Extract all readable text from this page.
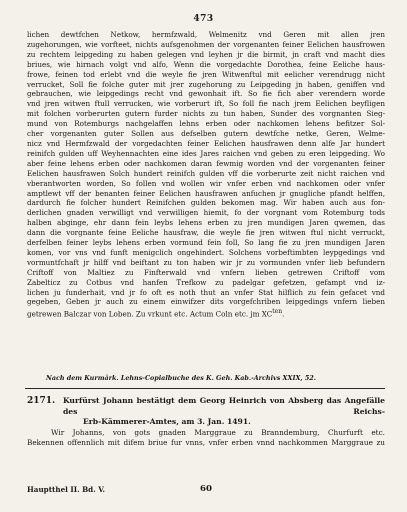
473
lichen dewtfchen Netkow, hermfzwald, Welmenitz vnd Geren mit allen jren
zugehorungen, wie vorfteet, nichts aufsgenohmen der vorgenanten feiner Eelichen hausfrowen
zu rechtem leipgeding zu haben gelegen vnd leyhen jr die birmit, jn craft vnd macht dies
briues, wie hirnach volgt vnd alfo, Wenn die vorgedachte Dorothea, feine Eeliche haus-
frowe, feinen tod erlebt vnd die weyle fie jren Witwenftul mit eelicher verendrugg nicht
verrucket, Soll fie folche guter mit jrer zugehorung zu Leipgeding jn haben, geniffen vnd
gebrauchen, wie leipgedings recht vnd gewonhait ift. So fie fich aber verendern worde
vnd jren witwen ftull verrucken, wie vorberurt ift, So foll fie nach jrem Eelichen beyfligen
mit folchen vorberurten gutern furder nichts zu tun haben, Sunder des vorgnanten Sieg-
mund von Rotemburgs nachgelaffen lehns erben oder nachkomen lehens befitzer Sol-
cher vorgenanten guter Sollen aus defselben gutern dewtfche netke, Geren, Welme-
nicz vnd Hermfzwald der vorgedachten feiner Eelichen hausfrawen denn alfe Jar hundert
reinifch gulden uff Weyhennachten eine ides Jares raichen vnd geben zu eren leipgeding. Wo
aber feine lehens erben oder nachkomen daran fewmig worden vnd der vorgenanten feiner
Eelichen hausfrawen Solch hundert reinifch gulden vff die vorberurte zeit nicht raichen vnd
vberantworten worden, So follen vnd wollen wir vnfer erben vnd nachkomen oder vnfer
amptlewt vff der benanten feiner Eelichen hausfrawen anfuchen jr gnugliche pfandt helffen,
dardurch fie folcher hundert Reinifchen gulden bekomen mag. Wir haben auch aus fon-
derlichen gnaden verwilligt vnd verwilligen hiemit, fo der vorgnant vom Rotemburg tods
halben abginge, ehr dann fein leybs lehens erben zu jren mundigen Jaren qwemen, das
dann die vorgnante feine Eeliche hausfraw, die weyle fie jren witwen ftul nicht verruckt,
derfelben feiner leybs lehens erben vormund fein foll, So lang fie zu jren mundigen Jaren
komen, vor vns vnd funft menigclich ongehindert. Solchens vorbeftimbten leypgedings vnd
vormuntfchaft jr hilff vnd beiftant zu ton haben wir jr zu vormunden vnfer lieb befundern
Criftoff von Maltiez zu Finfterwald vnd vnfern lieben getrewen Criftoff vom
Zabelticz zu Cotbus vnd hanfen Trefkow zu padelgar gefetzen, gefampt vnd iz-
lichen ju funderhait, vnd jr fo oft es noth thut an vnfer Stat hilflich zu fein gefacet vnd
gegeben, Geben jr auch zu einem einwifzer dits vorgefchriben leipgedings vnfern lieben
getrewen Balczar von Loben. Zu vrkunt etc. Actum Coln etc. jm $XC^{ten}$.
Nach dem Kurmärk. Lehns-Copialbuche des K. Geh. Kab.-Archivs XXIX, 52.
2171.	Kurfürst Johann bestätigt dem Georg Heinrich von Absberg das Angefälle des Reichs-
Erb-Kämmerer-Amtes, am 3. Jan. 1491.
Wir Johanns, von gots gnaden Marggraue zu Branndemburg, Churfurft etc.
Bekennen offennlich mit difem briue fur vnns, vnfer erben vnnd nachkommen Marggraue zu
Hauptthel II. Bd. V.	60
